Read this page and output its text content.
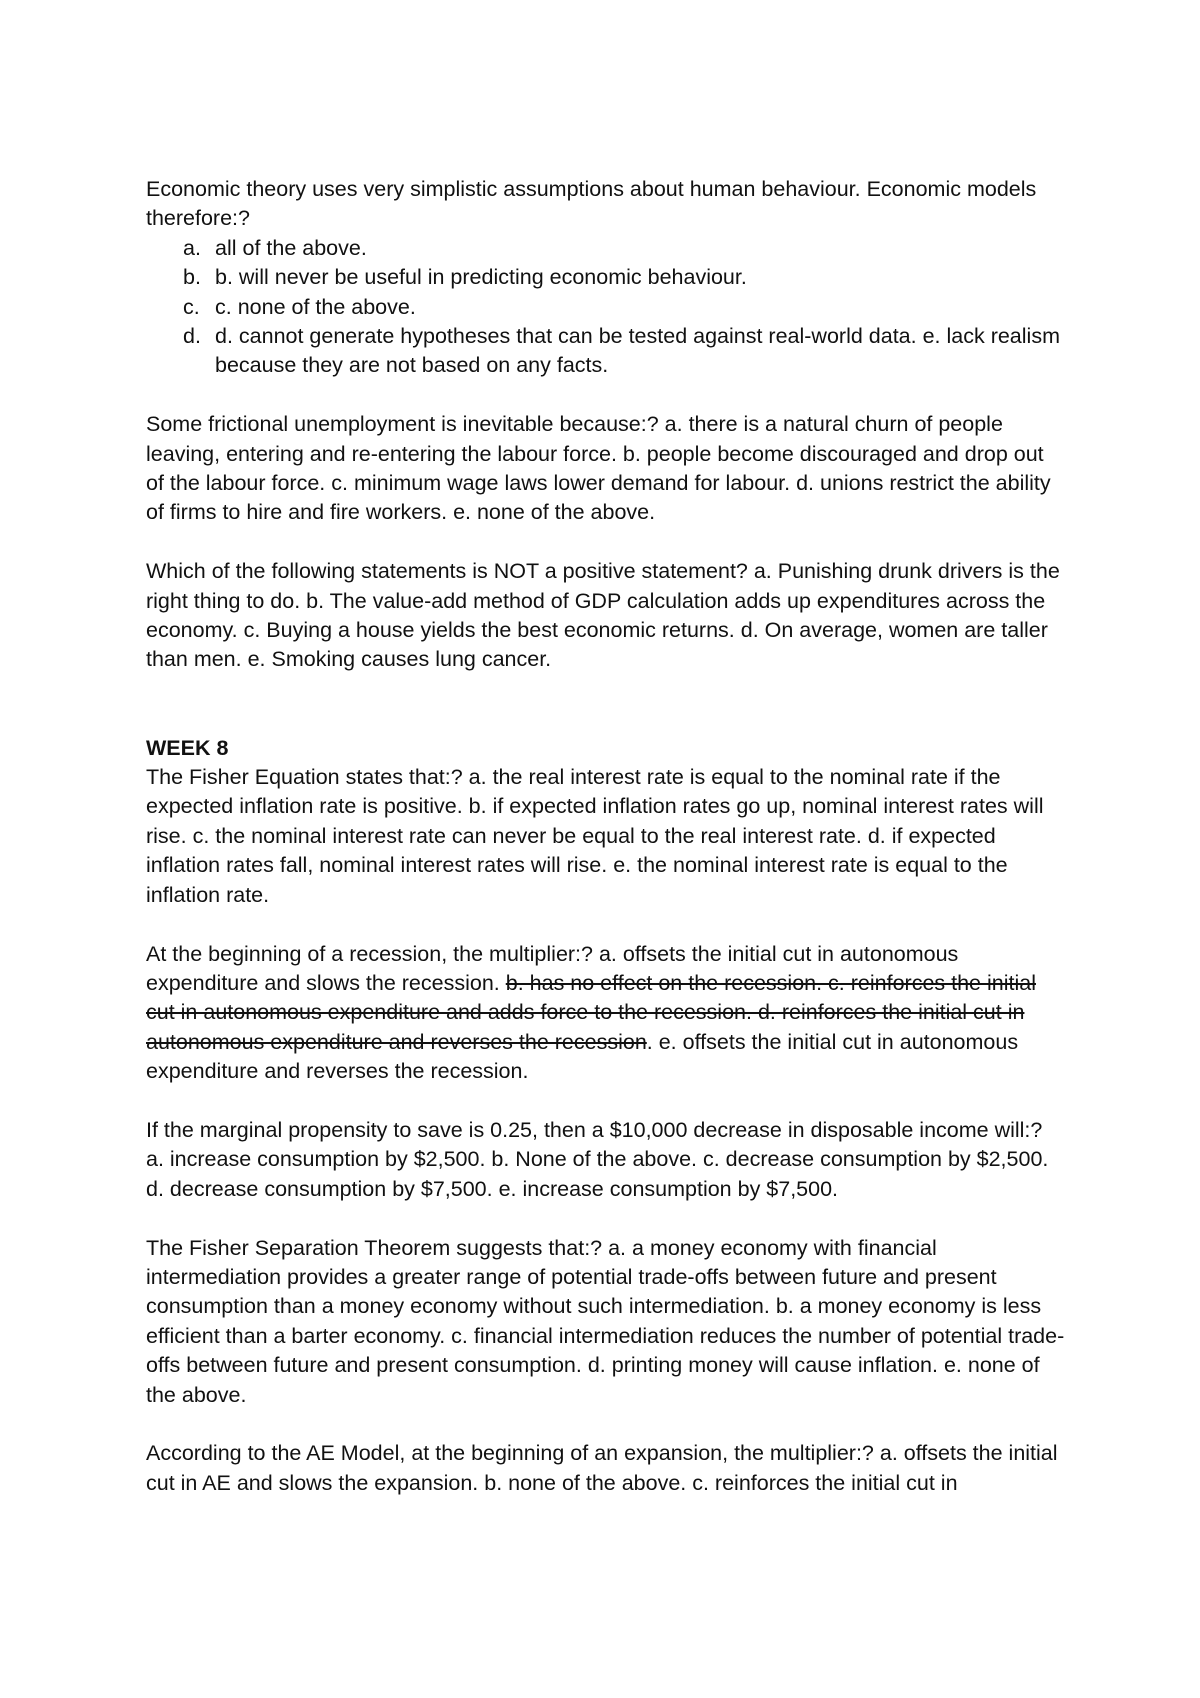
Economic theory uses very simplistic assumptions about human behaviour. Economic models therefore:?

a. all of the above.
b. b. will never be useful in predicting economic behaviour.
c. c. none of the above.
d. d. cannot generate hypotheses that can be tested against real-world data. e. lack realism because they are not based on any facts.

Some frictional unemployment is inevitable because:? a. there is a natural churn of people leaving, entering and re-entering the labour force. b. people become discouraged and drop out of the labour force. c. minimum wage laws lower demand for labour. d. unions restrict the ability of firms to hire and fire workers. e. none of the above.

Which of the following statements is NOT a positive statement? a. Punishing drunk drivers is the right thing to do. b. The value-add method of GDP calculation adds up expenditures across the economy. c. Buying a house yields the best economic returns. d. On average, women are taller than men. e. Smoking causes lung cancer.

WEEK 8

The Fisher Equation states that:? a. the real interest rate is equal to the nominal rate if the expected inflation rate is positive. b. if expected inflation rates go up, nominal interest rates will rise. c. the nominal interest rate can never be equal to the real interest rate. d. if expected inflation rates fall, nominal interest rates will rise. e. the nominal interest rate is equal to the inflation rate.

At the beginning of a recession, the multiplier:? a. offsets the initial cut in autonomous expenditure and slows the recession. b. has no effect on the recession. c. reinforces the initial cut in autonomous expenditure and adds force to the recession. d. reinforces the initial cut in autonomous expenditure and reverses the recession. e. offsets the initial cut in autonomous expenditure and reverses the recession.

If the marginal propensity to save is 0.25, then a $10,000 decrease in disposable income will:? a. increase consumption by $2,500. b. None of the above. c. decrease consumption by $2,500. d. decrease consumption by $7,500. e. increase consumption by $7,500.

The Fisher Separation Theorem suggests that:? a. a money economy with financial intermediation provides a greater range of potential trade-offs between future and present consumption than a money economy without such intermediation. b. a money economy is less efficient than a barter economy. c. financial intermediation reduces the number of potential trade-offs between future and present consumption. d. printing money will cause inflation. e. none of the above.

According to the AE Model, at the beginning of an expansion, the multiplier:? a. offsets the initial cut in AE and slows the expansion. b. none of the above. c. reinforces the initial cut in
